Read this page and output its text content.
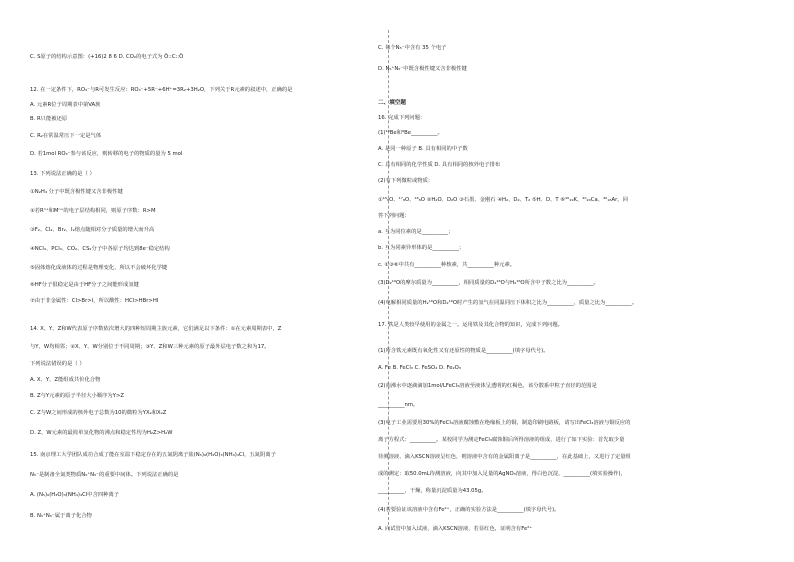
C. S原子的结构示意图：(+16)2 8 6 D. CO₂的电子式为 Ö::C::Ö
12. 在一定条件下，RO₃⁻与R可发生反应：RO₃⁻+5R⁻+6H⁺=3R₂+3H₂O，下列关于R元素的叙述中，正确的是
A. 元素R位于周期表中第VA族
B. R只能被还原
C. R₂在常温常压下一定是气体
D. 若1mol RO₃⁻参与该反应，则转移的电子的物质的量为 5 mol
13. 下列说法正确的是（ ）
①N₂H₄ 分子中既含极性键又含非极性键
②若Rⁿ⁺和Mⁿ⁺的电子层结构相同，则原子序数：R>M
③F₂、Cl₂、Br₂、I₂熔点随相对分子质量的增大而升高
④NCl₃、PCl₃、CO₂、CS₂分子中各原子均达到8e⁻稳定结构
⑤固体熔化成液体的过程是物理变化，所以不会破坏化学键
⑥HF分子很稳定是由于HF分子之间能形成氢键
⑦由于非金属性：Cl>Br>I，所以酸性：HCl>HBr>HI
14. X、Y、Z和W代表原子序数依次增大的四种短周期主族元素，它们满足以下条件：①在元素周期表中，Z
与Y、W均相邻；②X、Y、W分别位于不同周期；③Y、Z和W三种元素的原子最外层电子数之和为17。
下列说法错误的是（ ）
A. X、Y、Z能组成共价化合物
B. Z与Y元素的原子半径大小顺序为Y>Z
C. Z与W之间形成的核外电子总数为10的微粒为YX₂和X₂Z
D. Z、W元素的最简单氢化物的沸点和稳定性均为H₂Z>H₂W
15. 南京理工大学团队成功合成了能在室温下稳定存在的五氮阴离子盐(N₅)₆(H₃O)₃(NH₄)₄Cl，五氮阴离子
N₅⁻是制备全氮类物质N₅⁺N₅⁻的重要中间体。下列说法正确的是
A. (N₅)₆(H₃O)₃(NH₄)₄Cl中含四种离子
B. N₅⁺N₅⁻属于离子化合物
C. 每个N₅⁻中含有 35 个电子
D. N₅⁺N₅⁻中既含极性键又含非极性键
二、填空题
16. 完成下列问题：
(1)¹⁰Be和⁹Be__________。
A. 是同一种原子 B. 具有相同的中子数
C. 具有相同的化学性质 D. 具有相同的核外电子排布
(2)有下列微粒或物质：
①¹⁶₈O、¹⁷₈O、¹⁸₈O ②H₂O、D₂O ③石墨、金刚石 ④H₂、D₂、T₂ ⑤H、D、T ⑥⁴⁰₁₉K、⁴⁰₂₀Ca、⁴⁰₁₈Ar，回
答下列问题：
a. 互为同位素的是__________；
b. 互为同素异形体的是__________；
c. ①③⑥中共有__________种核素，共__________种元素。
(3)D₂¹⁶O的摩尔质量为__________，相同质量的D₂¹⁶O与H₂¹⁶O所含中子数之比为__________。
(4)电解相同质量的H₂¹⁶O和D₂¹⁶O时产生的氢气在同温同压下体积之比为__________，质量之比为__________。
17. 铁是人类较早使用的金属之一。运用铁及其化合物的知识，完成下列问题。
(1)所含铁元素既有氧化性又有还原性的物质是__________(填字母代号)。
A. Fe B. FeCl₃ C. FeSO₄ D. Fe₂O₃
(2)向沸水中逐滴滴加1mol/LFeCl₃溶液至液体呈透明的红褐色，该分散系中粒子直径的范围是
__________nm。
(3)电子工业需要用30%的FeCl₃溶液腐蚀敷在绝缘板上的铜，制造印刷电路板，请写出FeCl₃溶液与铜反应的
离子方程式：__________。某校同学为测定FeCl₃腐蚀铜后所得溶液的组成，进行了如下实验：首先取少量
待测溶液，滴入KSCN溶液呈红色，则溶液中含有的金属阳离子是__________，在此基础上，又进行了定量组
成的测定：取50.0mL待测溶液，向其中加入足量的AgNO₃溶液，得白色沉淀，__________(填实验操作)，
__________，干燥，称量沉淀质量为43.05g。
(4)若要验证该溶液中含有Fe²⁺，正确的实验方法是__________(填字母代号)。
A. 向试管中加入试液，滴入KSCN溶液，若显红色，证明含有Fe²⁺
